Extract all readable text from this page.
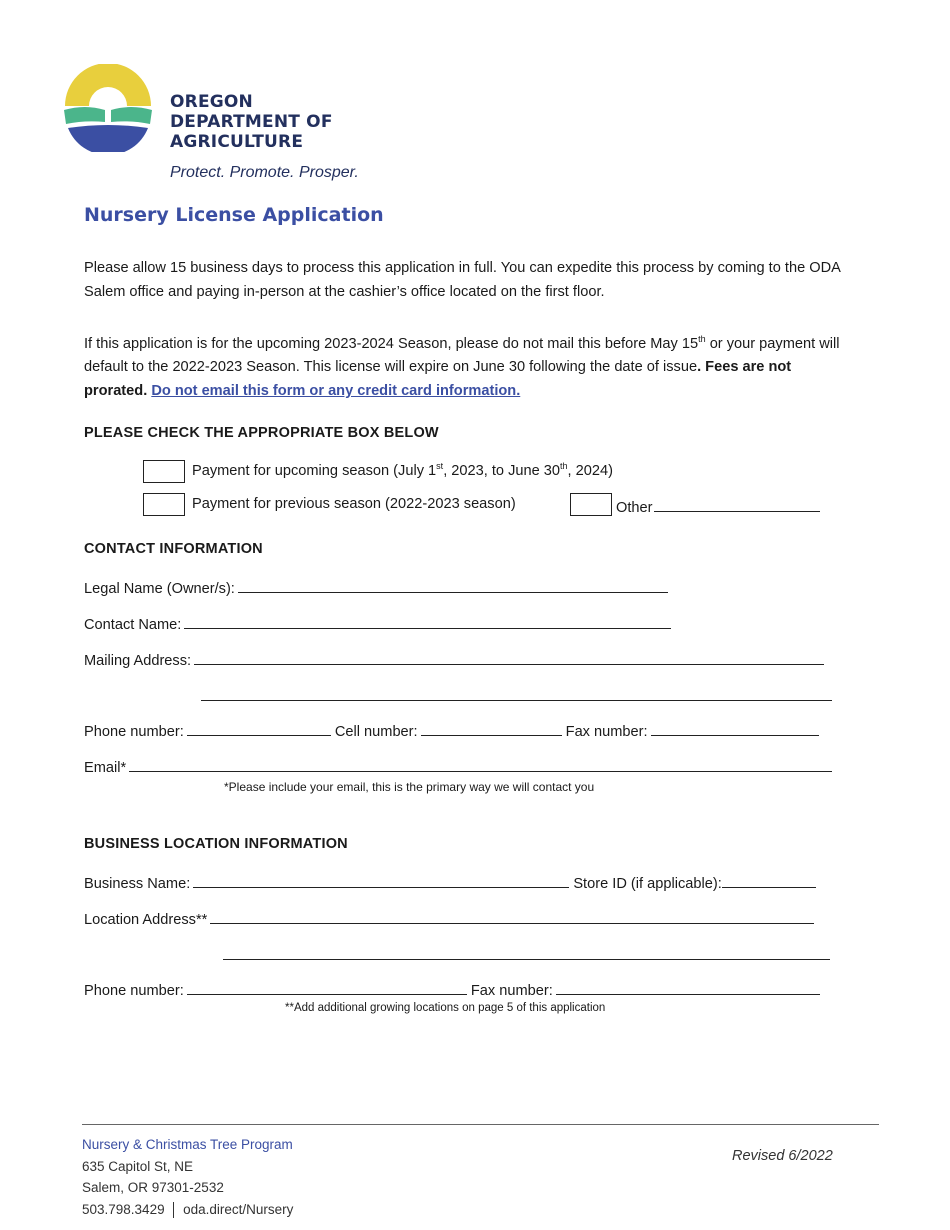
OREGON
DEPARTMENT OF
AGRICULTURE
Protect. Promote. Prosper.
Nursery License Application
Please allow 15 business days to process this application in full. You can expedite this process by coming to the ODA Salem office and paying in-person at the cashier’s office located on the first floor.
If this application is for the upcoming 2023-2024 Season, please do not mail this before May 15th or your payment will default to the 2022-2023 Season. This license will expire on June 30 following the date of issue. Fees are not prorated. Do not email this form or any credit card information.
PLEASE CHECK THE APPROPRIATE BOX BELOW
Payment for upcoming season (July 1st, 2023, to June 30th, 2024)
Payment for previous season (2022-2023 season)	Other
CONTACT INFORMATION
Legal Name (Owner/s):
Contact Name:
Mailing Address:
Phone number:	Cell number:	Fax number:
Email*
*Please include your email, this is the primary way we will contact you
BUSINESS LOCATION INFORMATION
Business Name:	Store ID (if applicable):
Location Address**
Phone number:	Fax number:
**Add additional growing locations on page 5 of this application
Nursery & Christmas Tree Program
635 Capitol St, NE
Salem, OR 97301-2532
503.798.3429 oda.direct/Nursery
Revised 6/2022
